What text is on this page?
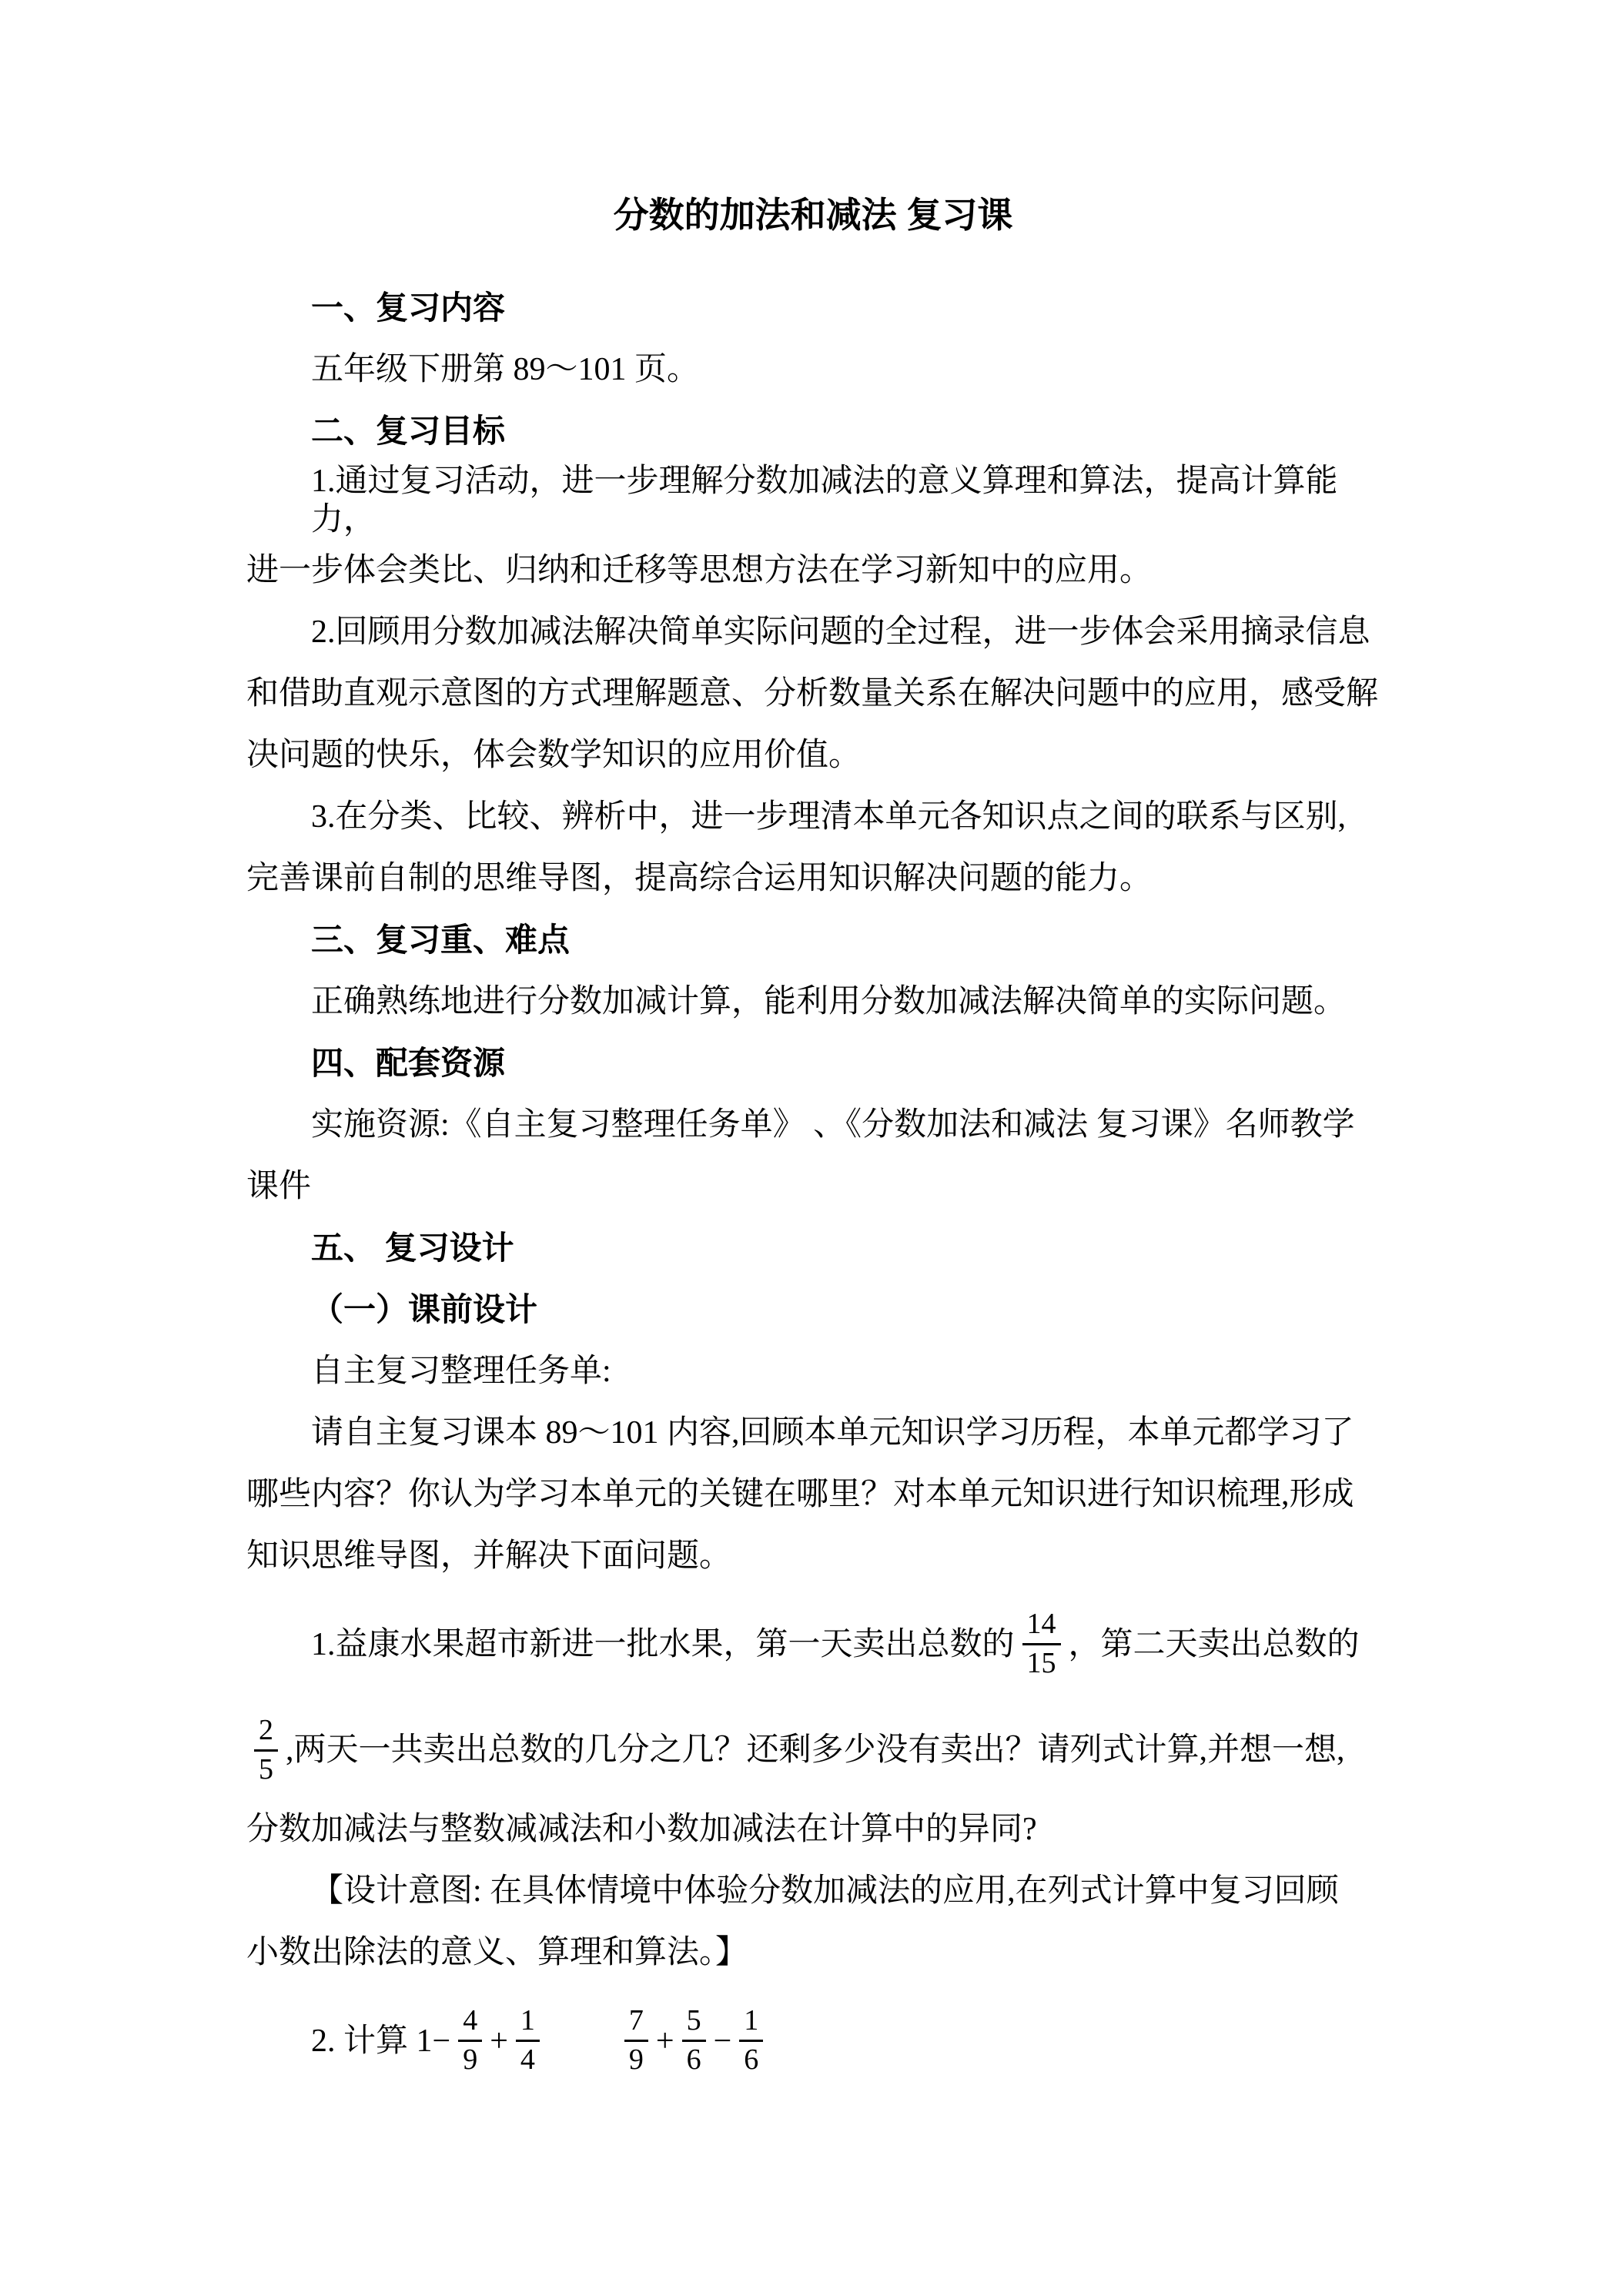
分数的加法和减法 复习课
一、复习内容
五年级下册第 89～101 页。
二、复习目标
1.通过复习活动，进一步理解分数加减法的意义算理和算法，提高计算能力，
进一步体会类比、归纳和迁移等思想方法在学习新知中的应用。
2.回顾用分数加减法解决简单实际问题的全过程，进一步体会采用摘录信息
和借助直观示意图的方式理解题意、分析数量关系在解决问题中的应用，感受解
决问题的快乐，体会数学知识的应用价值。
3.在分类、比较、辨析中，进一步理清本单元各知识点之间的联系与区别,
完善课前自制的思维导图，提高综合运用知识解决问题的能力。
三、复习重、难点
正确熟练地进行分数加减计算，能利用分数加减法解决简单的实际问题。
四、配套资源
实施资源:《自主复习整理任务单》 、《分数加法和减法 复习课》名师教学
课件
五、 复习设计
（一）课前设计
自主复习整理任务单:
请自主复习课本 89～101 内容,回顾本单元知识学习历程，本单元都学习了
哪些内容？你认为学习本单元的关键在哪里？对本单元知识进行知识梳理,形成
知识思维导图，并解决下面问题。
1.益康水果超市新进一批水果，第一天卖出总数的 $\frac{14}{15}$ ，第二天卖出总数的
$\frac{2}{5}$ ,两天一共卖出总数的几分之几？还剩多少没有卖出？请列式计算,并想一想,
分数加减法与整数减减法和小数加减法在计算中的异同?
【设计意图: 在具体情境中体验分数加减法的应用,在列式计算中复习回顾
小数出除法的意义、算理和算法。】
2. 计算 $1- \frac{4}{9} + \frac{1}{4}$	$\frac{7}{9} + \frac{5}{6} - \frac{1}{6}$
